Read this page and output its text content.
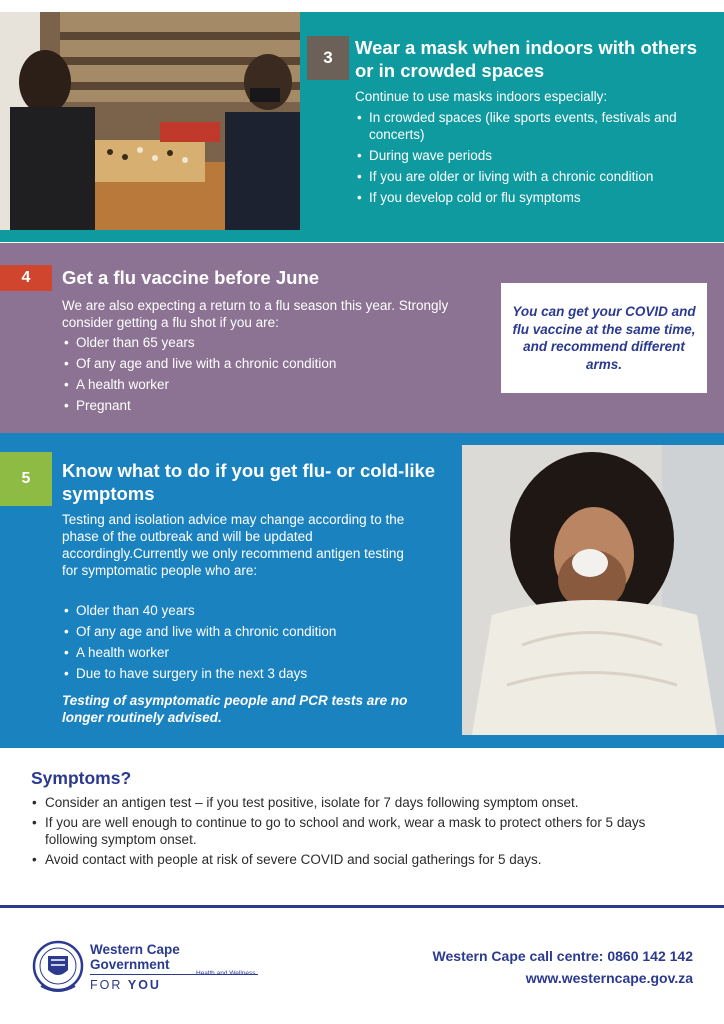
3	Wear a mask when indoors with others or in crowded spaces

Continue to use masks indoors especially:

• In crowded spaces (like sports events, festivals and concerts)
• During wave periods
• If you are older or living with a chronic condition
• If you develop cold or flu symptoms
4	Get a flu vaccine before June

We are also expecting a return to a flu season this year. Strongly consider getting a flu shot if you are:

• Older than 65 years
• Of any age and live with a chronic condition
• A health worker
• Pregnant
You can get your COVID and flu vaccine at the same time, and recommend different arms.
5	Know what to do if you get flu- or cold-like symptoms

Testing and isolation advice may change according to the phase of the outbreak and will be updated accordingly.Currently we only recommend antigen testing for symptomatic people who are:

• Older than 40 years
• Of any age and live with a chronic condition
• A health worker
• Due to have surgery in the next 3 days

Testing of asymptomatic people and PCR tests are no longer routinely advised.

Symptoms?
• Consider an antigen test – if you test positive, isolate for 7 days following symptom onset.
• If you are well enough to continue to go to school and work, wear a mask to protect others for 5 days following symptom onset.
• Avoid contact with people at risk of severe COVID and social gatherings for 5 days.
Western Cape
Government
FOR YOU
Health and Wellness
Western Cape call centre: 0860 142 142
www.westerncape.gov.za
